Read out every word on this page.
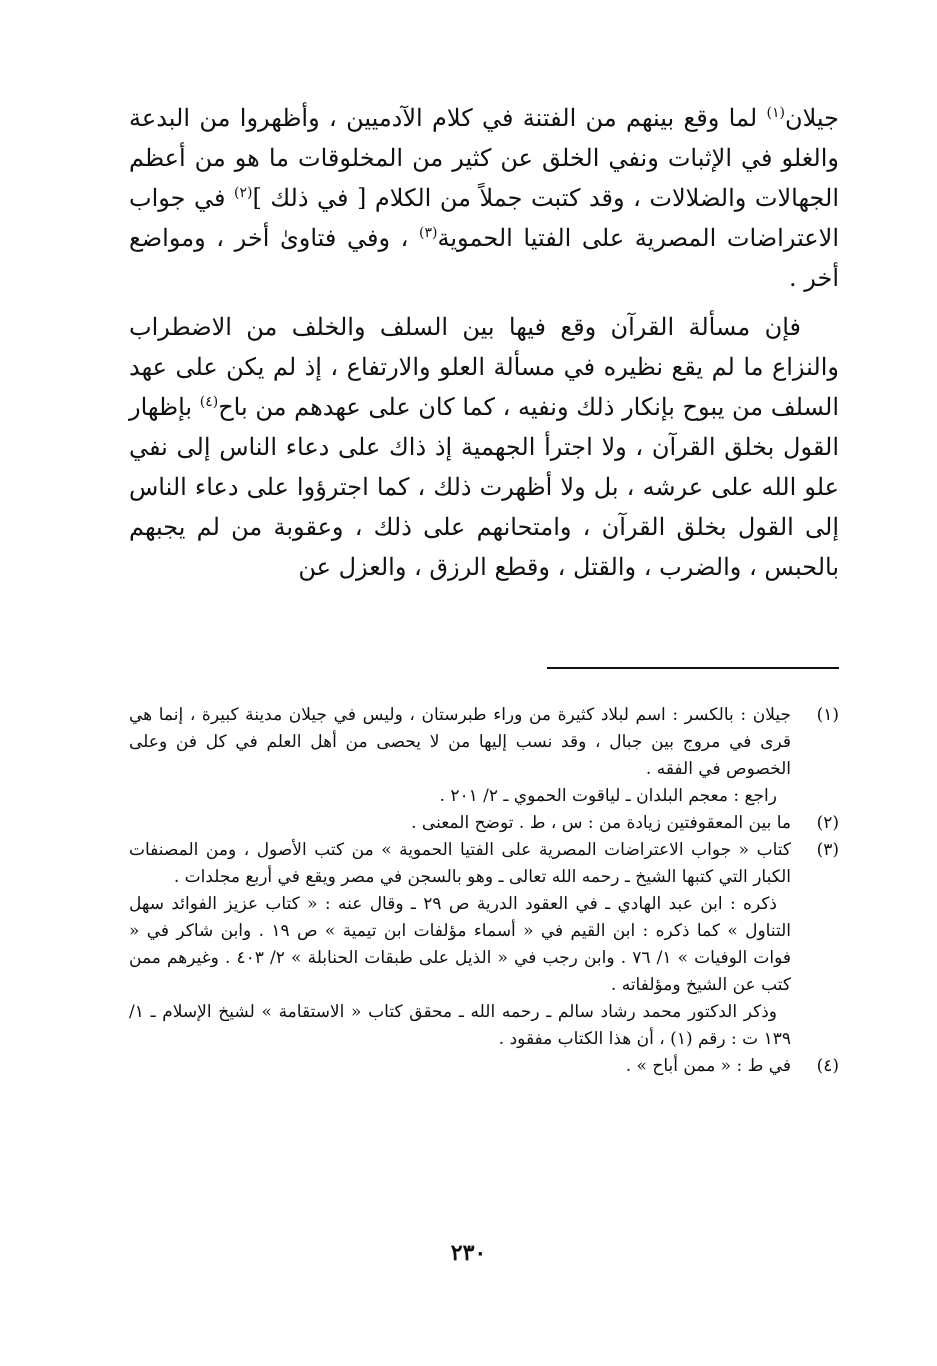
جيلان$^{(١)}$ لما وقع بينهم من الفتنة في كلام الآدميين ، وأظهروا من البدعة والغلو في الإثبات ونفي الخلق عن كثير من المخلوقات ما هو من أعظم الجهالات والضلالات ، وقد كتبت جملاً من الكلام [ في ذلك ]$^{(٢)}$ في جواب الاعتراضات المصرية على الفتيا الحموية$^{(٣)}$ ، وفي فتاوىٰ أخر ، ومواضع أخر .

فإن مسألة القرآن وقع فيها بين السلف والخلف من الاضطراب والنزاع ما لم يقع نظيره في مسألة العلو والارتفاع ، إذ لم يكن على عهد السلف من يبوح بإنكار ذلك ونفيه ، كما كان على عهدهم من باح$^{(٤)}$ بإظهار القول بخلق القرآن ، ولا اجترأ الجهمية إذ ذاك على دعاء الناس إلى نفي علو الله على عرشه ، بل ولا أظهرت ذلك ، كما اجترؤوا على دعاء الناس إلى القول بخلق القرآن ، وامتحانهم على ذلك ، وعقوبة من لم يجبهم بالحبس ، والضرب ، والقتل ، وقطع الرزق ، والعزل عن

(١)

جيلان : بالكسر : اسم لبلاد كثيرة من وراء طبرستان ، وليس في جيلان مدينة كبيرة ، إنما هي قرى في مروج بين جبال ، وقد نسب إليها من لا يحصى من أهل العلم في كل فن وعلى الخصوص في الفقه .

راجع : معجم البلدان ـ لياقوت الحموي ـ ٢/ ٢٠١ .

(٢)

ما بين المعقوفتين زيادة من : س ، ط . توضح المعنى .

(٣)

كتاب « جواب الاعتراضات المصرية على الفتيا الحموية » من كتب الأصول ، ومن المصنفات الكبار التي كتبها الشيخ ـ رحمه الله تعالى ـ وهو بالسجن في مصر ويقع في أربع مجلدات .

ذكره : ابن عبد الهادي ـ في العقود الدرية ص ٢٩ ـ وقال عنه : « كتاب عزيز الفوائد سهل التناول » كما ذكره : ابن القيم في « أسماء مؤلفات ابن تيمية » ص ١٩ . وابن شاكر في « فوات الوفيات » ١/ ٧٦ . وابن رجب في « الذيل على طبقات الحنابلة » ٢/ ٤٠٣ . وغيرهم ممن كتب عن الشيخ ومؤلفاته .

وذكر الدكتور محمد رشاد سالم ـ رحمه الله ـ محقق كتاب « الاستقامة » لشيخ الإسلام ـ ١/ ١٣٩ ت : رقم (١) ، أن هذا الكتاب مفقود .

(٤)

في ط : « ممن أباح » .

٢٣٠
